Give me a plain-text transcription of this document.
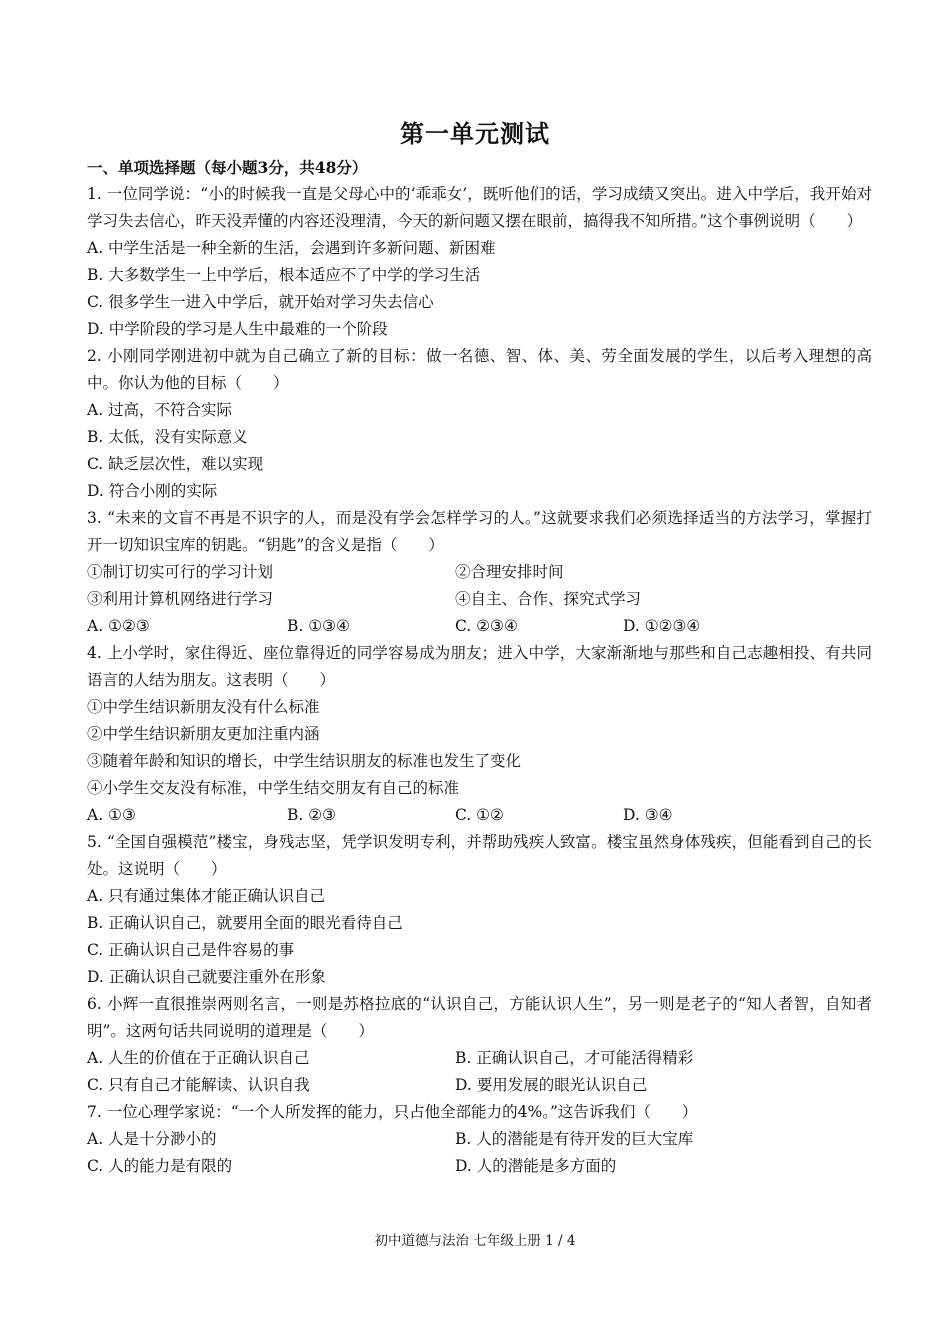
第一单元测试
一、单项选择题（每小题3分，共48分）

1. 一位同学说：“小的时候我一直是父母心中的‘乖乖女’，既听他们的话，学习成绩又突出。进入中学后，我开始对学习失去信心，昨天没弄懂的内容还没理清，今天的新问题又摆在眼前，搞得我不知所措。”这个事例说明（　　）

A. 中学生活是一种全新的生活，会遇到许多新问题、新困难
B. 大多数学生一上中学后，根本适应不了中学的学习生活
C. 很多学生一进入中学后，就开始对学习失去信心
D. 中学阶段的学习是人生中最难的一个阶段

2. 小刚同学刚进初中就为自己确立了新的目标：做一名德、智、体、美、劳全面发展的学生，以后考入理想的高中。你认为他的目标（　　）

A. 过高，不符合实际
B. 太低，没有实际意义
C. 缺乏层次性，难以实现
D. 符合小刚的实际

3. “未来的文盲不再是不识字的人，而是没有学会怎样学习的人。”这就要求我们必须选择适当的方法学习，掌握打开一切知识宝库的钥匙。“钥匙”的含义是指（　　）

①制订切实可行的学习计划	②合理安排时间
③利用计算机网络进行学习	④自主、合作、探究式学习
A. ①②③	B. ①③④	C. ②③④	D. ①②③④

4. 上小学时，家住得近、座位靠得近的同学容易成为朋友；进入中学，大家渐渐地与那些和自己志趣相投、有共同语言的人结为朋友。这表明（　　）

①中学生结识新朋友没有什么标准
②中学生结识新朋友更加注重内涵
③随着年龄和知识的增长，中学生结识朋友的标准也发生了变化
④小学生交友没有标准，中学生结交朋友有自己的标准
A. ①③	B. ②③	C. ①②	D. ③④

5. “全国自强模范”楼宝，身残志坚，凭学识发明专利，并帮助残疾人致富。楼宝虽然身体残疾，但能看到自己的长处。这说明（　　）

A. 只有通过集体才能正确认识自己
B. 正确认识自己，就要用全面的眼光看待自己
C. 正确认识自己是件容易的事
D. 正确认识自己就要注重外在形象

6. 小辉一直很推崇两则名言，一则是苏格拉底的“认识自己，方能认识人生”，另一则是老子的“知人者智，自知者明”。这两句话共同说明的道理是（　　）

A. 人生的价值在于正确认识自己	B. 正确认识自己，才可能活得精彩
C. 只有自己才能解读、认识自我	D. 要用发展的眼光认识自己

7. 一位心理学家说：“一个人所发挥的能力，只占他全部能力的4%。”这告诉我们（　　）

A. 人是十分渺小的	B. 人的潜能是有待开发的巨大宝库
C. 人的能力是有限的	D. 人的潜能是多方面的
初中道德与法治 七年级上册 1 / 4
